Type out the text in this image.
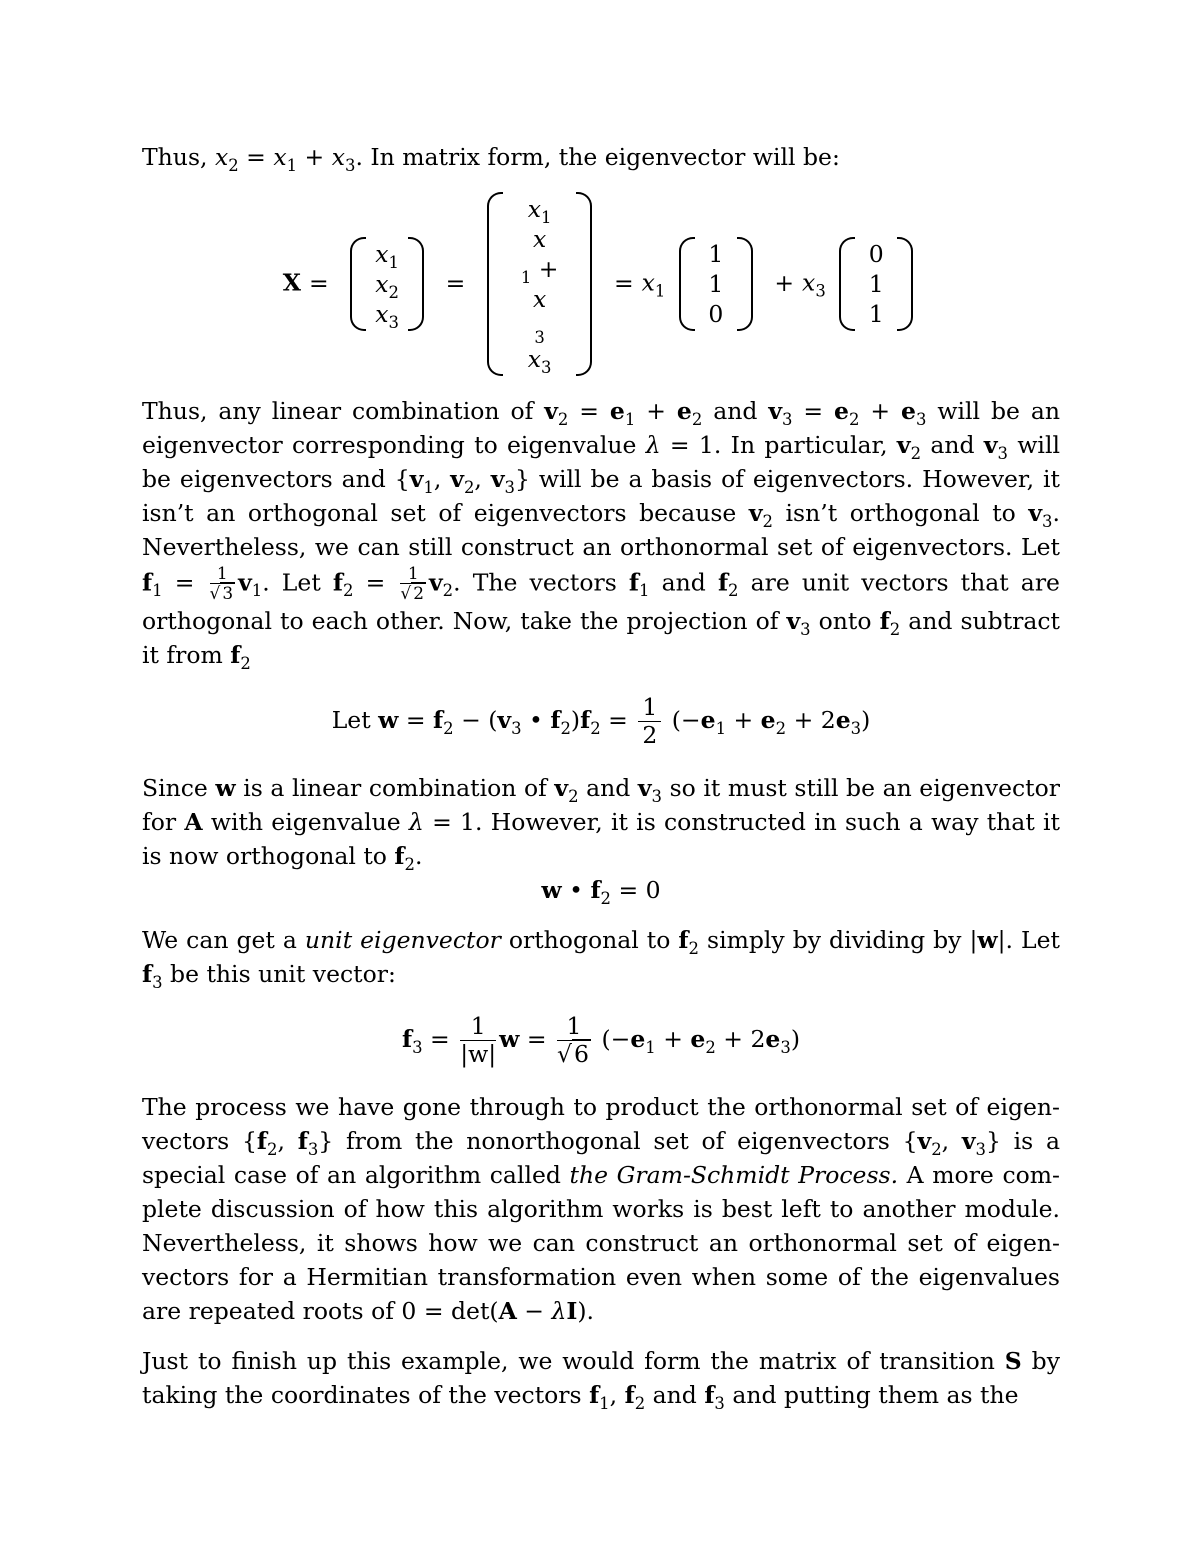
Thus, $x_2 = x_1 + x_3$. In matrix form, the eigenvector will be:

X =
$x_1$
$x_2$
$x_3$
=
$x_1$
x
$_1$ +
x
$_3$
$x_3$
= $x_1$
1
1
0
+ $x_3$
0
1
1

Thus, any linear combination of $v_2 = e_1 + e_2$ and $v_3 = e_2 + e_3$ will be an eigenvector corresponding to eigenvalue λ = 1. In particular, $v_2$ and $v_3$ will be eigenvectors and {$v_1$, $v_2$, $v_3$} will be a basis of eigenvectors. However, it isn’t an orthogonal set of eigenvectors because $v_2$ isn’t orthogonal to $v_3$. Nevertheless, we can still construct an orthonormal set of eigenvectors. Let $f_1 = \frac{1}{√ 3} v_1$. Let $f_2 = \frac{1}{√ 2} v_2$. The vectors $f_1$ and $f_2$ are unit vectors that are orthogonal to each other. Now, take the projection of $v_3$ onto $f_2$ and subtract it from $f_2$

Let $w = f_2 - (v_3$ • $f_2)f_2 = \frac{1}{2} (-e_1 + e_2 + 2e_3)$

Since w is a linear combination of $v_2$ and $v_3$ so it must still be an eigenvector for A with eigenvalue λ = 1. However, it is constructed in such a way that it is now orthogonal to $f_2$.

w • $f_2 = 0$

We can get a unit eigenvector orthogonal to $f_2$ simply by dividing by |w|. Let $f_3$ be this unit vector:

$f_3 = \frac{1}{|w|}$ $w = \frac{1}{√6} (-e_1 + e_2 + 2e_3)$

The process we have gone through to product the orthonormal set of eigen-vectors {$f_2$, $f_3$} from the nonorthogonal set of eigenvectors {$v_2$, $v_3$} is a special case of an algorithm called the Gram-Schmidt Process. A more com-plete discussion of how this algorithm works is best left to another module. Nevertheless, it shows how we can construct an orthonormal set of eigen-vectors for a Hermitian transformation even when some of the eigenvalues are repeated roots of 0 = det(A − λI).

Just to finish up this example, we would form the matrix of transition S by taking the coordinates of the vectors $f_1$, $f_2$ and $f_3$ and putting them as the
